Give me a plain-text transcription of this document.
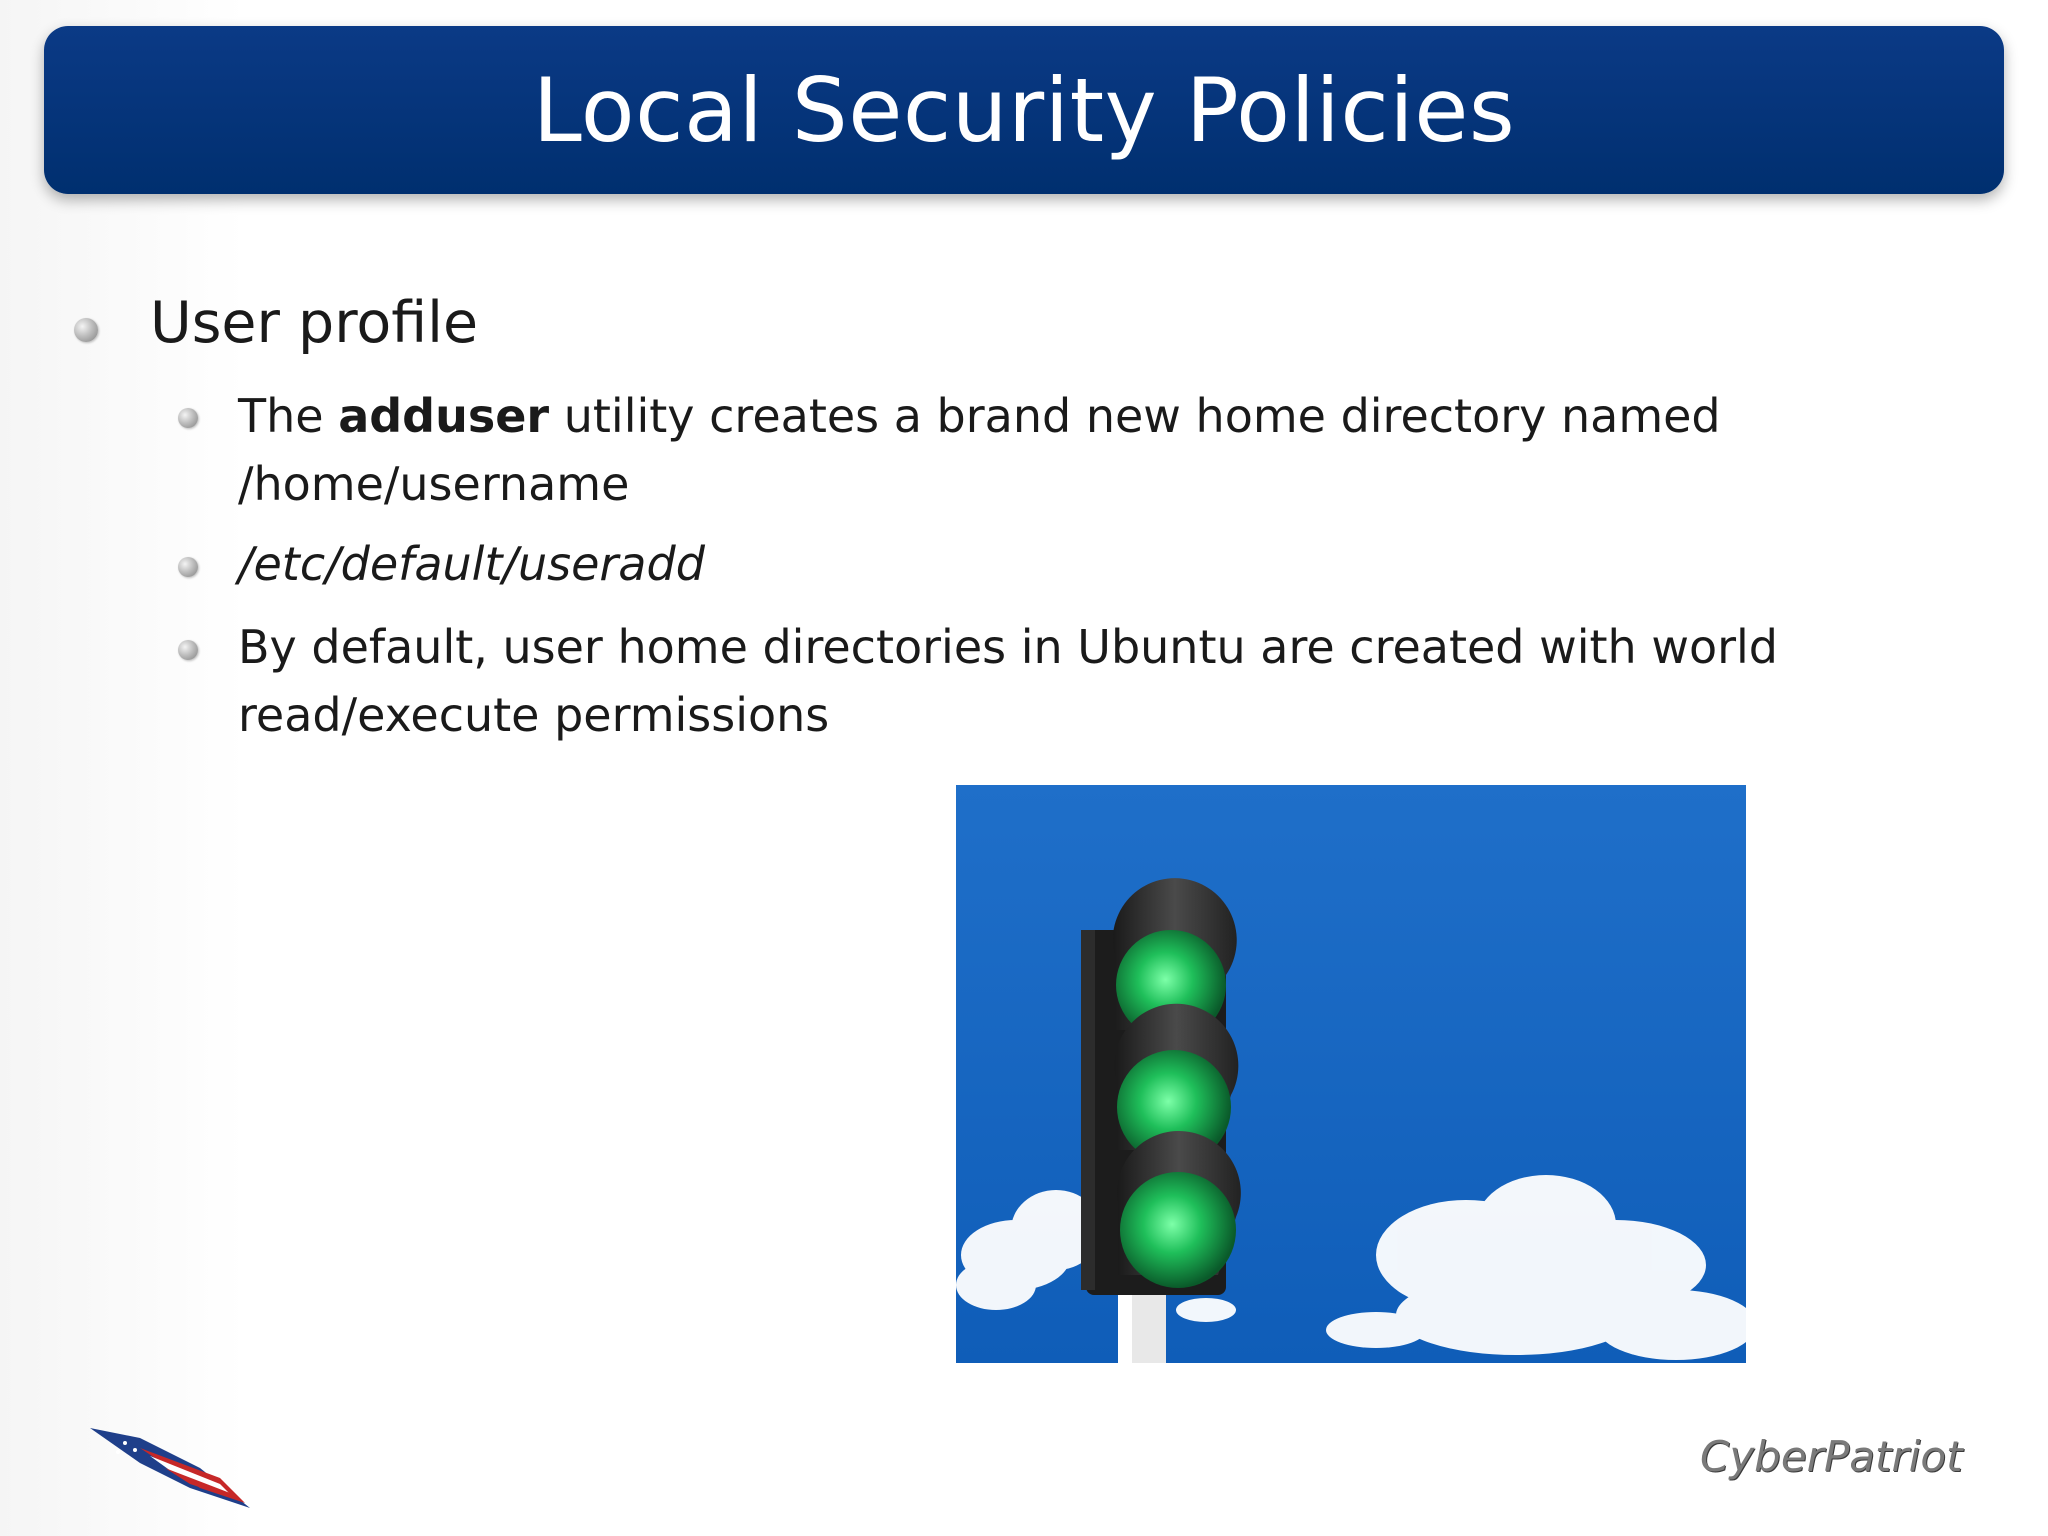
Local Security Policies
User profile
The adduser utility creates a brand new home directory named /home/username
/etc/default/useradd
By default, user home directories in Ubuntu are created with world read/execute permissions
CyberPatriot
